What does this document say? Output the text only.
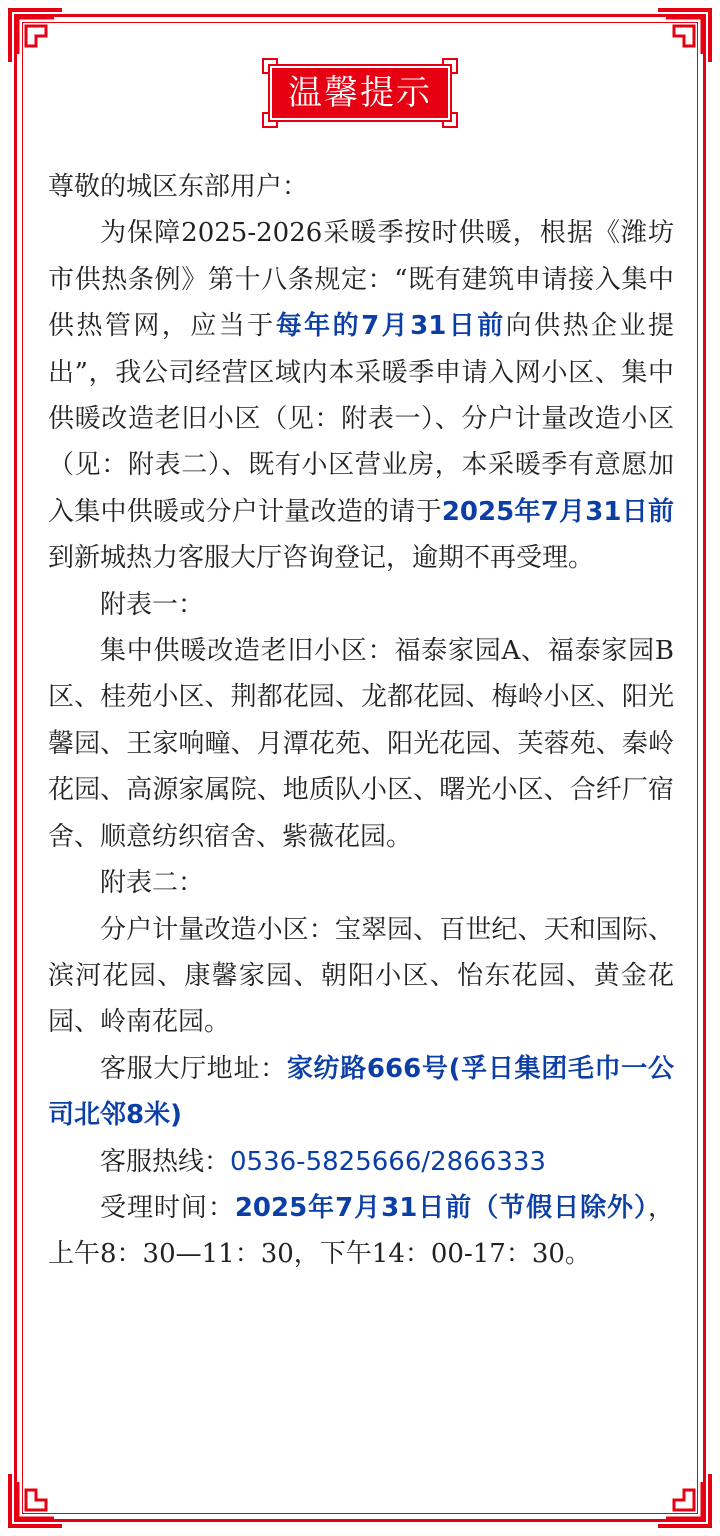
温馨提示

尊敬的城区东部用户：

为保障2025-2026采暖季按时供暖，根据《潍坊市供热条例》第十八条规定：“既有建筑申请接入集中供热管网，应当于每年的7月31日前向供热企业提出”，我公司经营区域内本采暖季申请入网小区、集中供暖改造老旧小区（见：附表一）、分户计量改造小区（见：附表二）、既有小区营业房，本采暖季有意愿加入集中供暖或分户计量改造的请于2025年7月31日前到新城热力客服大厅咨询登记，逾期不再受理。

附表一：

集中供暖改造老旧小区：福泰家园A、福泰家园B区、桂苑小区、荆都花园、龙都花园、梅岭小区、阳光馨园、王家响疃、月潭花苑、阳光花园、芙蓉苑、秦岭花园、高源家属院、地质队小区、曙光小区、合纤厂宿舍、顺意纺织宿舍、紫薇花园。

附表二：

分户计量改造小区：宝翠园、百世纪、天和国际、滨河花园、康馨家园、朝阳小区、怡东花园、黄金花园、岭南花园。

客服大厅地址：家纺路666号(孚日集团毛巾一公司北邻8米)

客服热线：0536-5825666/2866333

受理时间：2025年7月31日前（节假日除外），上午8：30—11：30，下午14：00-17：30。
